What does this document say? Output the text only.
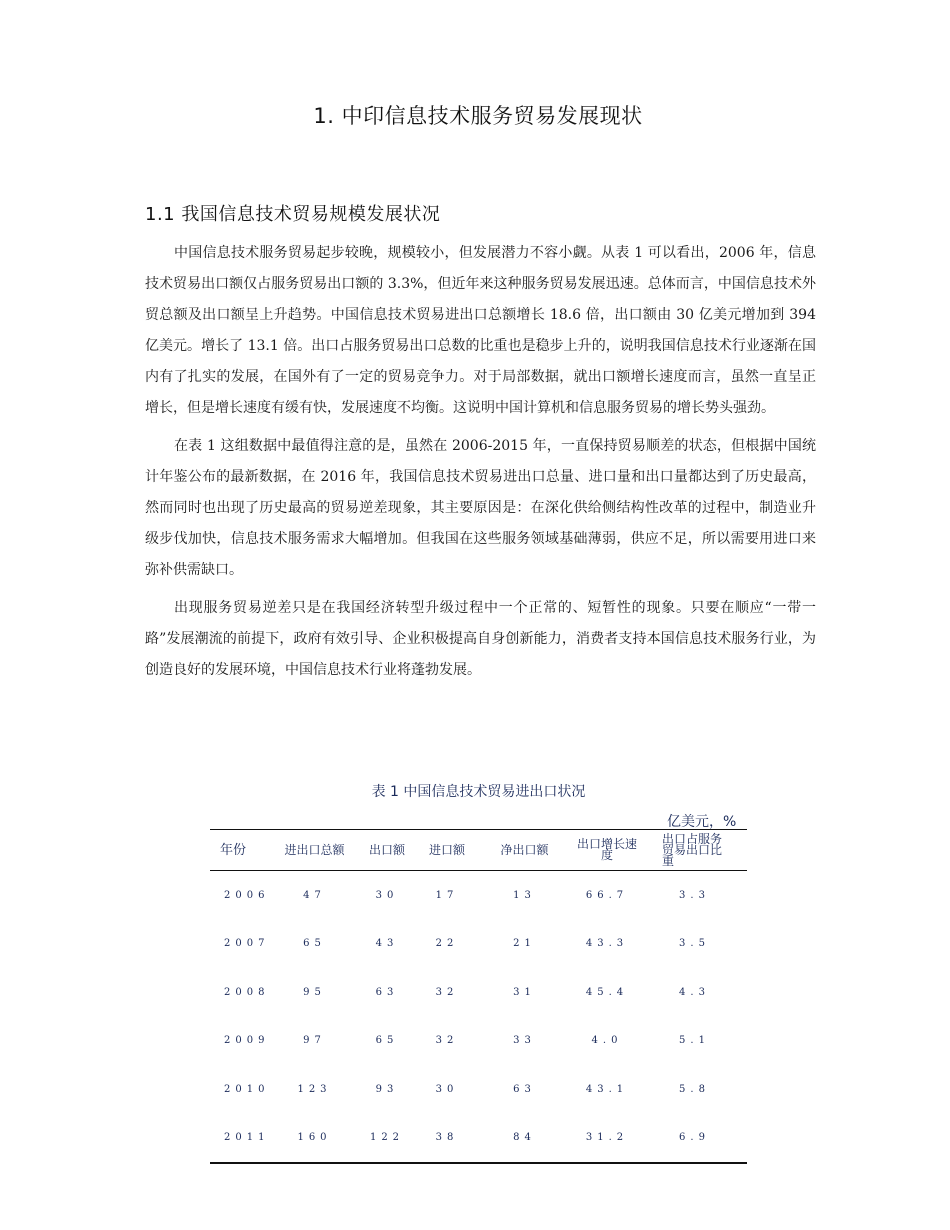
1. 中印信息技术服务贸易发展现状
1.1 我国信息技术贸易规模发展状况

中国信息技术服务贸易起步较晚，规模较小，但发展潜力不容小觑。从表 1 可以看出，2006 年，信息技术贸易出口额仅占服务贸易出口额的 3.3%，但近年来这种服务贸易发展迅速。总体而言，中国信息技术外贸总额及出口额呈上升趋势。中国信息技术贸易进出口总额增长 18.6 倍，出口额由 30 亿美元增加到 394 亿美元。增长了 13.1 倍。出口占服务贸易出口总数的比重也是稳步上升的，说明我国信息技术行业逐渐在国内有了扎实的发展，在国外有了一定的贸易竞争力。对于局部数据，就出口额增长速度而言，虽然一直呈正增长，但是增长速度有缓有快，发展速度不均衡。这说明中国计算机和信息服务贸易的增长势头强劲。

在表 1 这组数据中最值得注意的是，虽然在 2006-2015 年，一直保持贸易顺差的状态，但根据中国统计年鉴公布的最新数据，在 2016 年，我国信息技术贸易进出口总量、进口量和出口量都达到了历史最高，然而同时也出现了历史最高的贸易逆差现象，其主要原因是：在深化供给侧结构性改革的过程中，制造业升级步伐加快，信息技术服务需求大幅增加。但我国在这些服务领域基础薄弱，供应不足，所以需要用进口来弥补供需缺口。

出现服务贸易逆差只是在我国经济转型升级过程中一个正常的、短暂性的现象。只要在顺应“一带一路”发展潮流的前提下，政府有效引导、企业积极提高自身创新能力，消费者支持本国信息技术服务行业，为创造良好的发展环境，中国信息技术行业将蓬勃发展。

表 1 中国信息技术贸易进出口状况
亿美元，%
年份	进出口总额	出口额	进口额	净出口额	出口增长速度	出口占服务贸易出口比重
2006	47	30	17	13	66.7	3.3
2007	65	43	22	21	43.3	3.5
2008	95	63	32	31	45.4	4.3
2009	97	65	32	33	4.0	5.1
2010	123	93	30	63	43.1	5.8
2011	160	122	38	84	31.2	6.9
